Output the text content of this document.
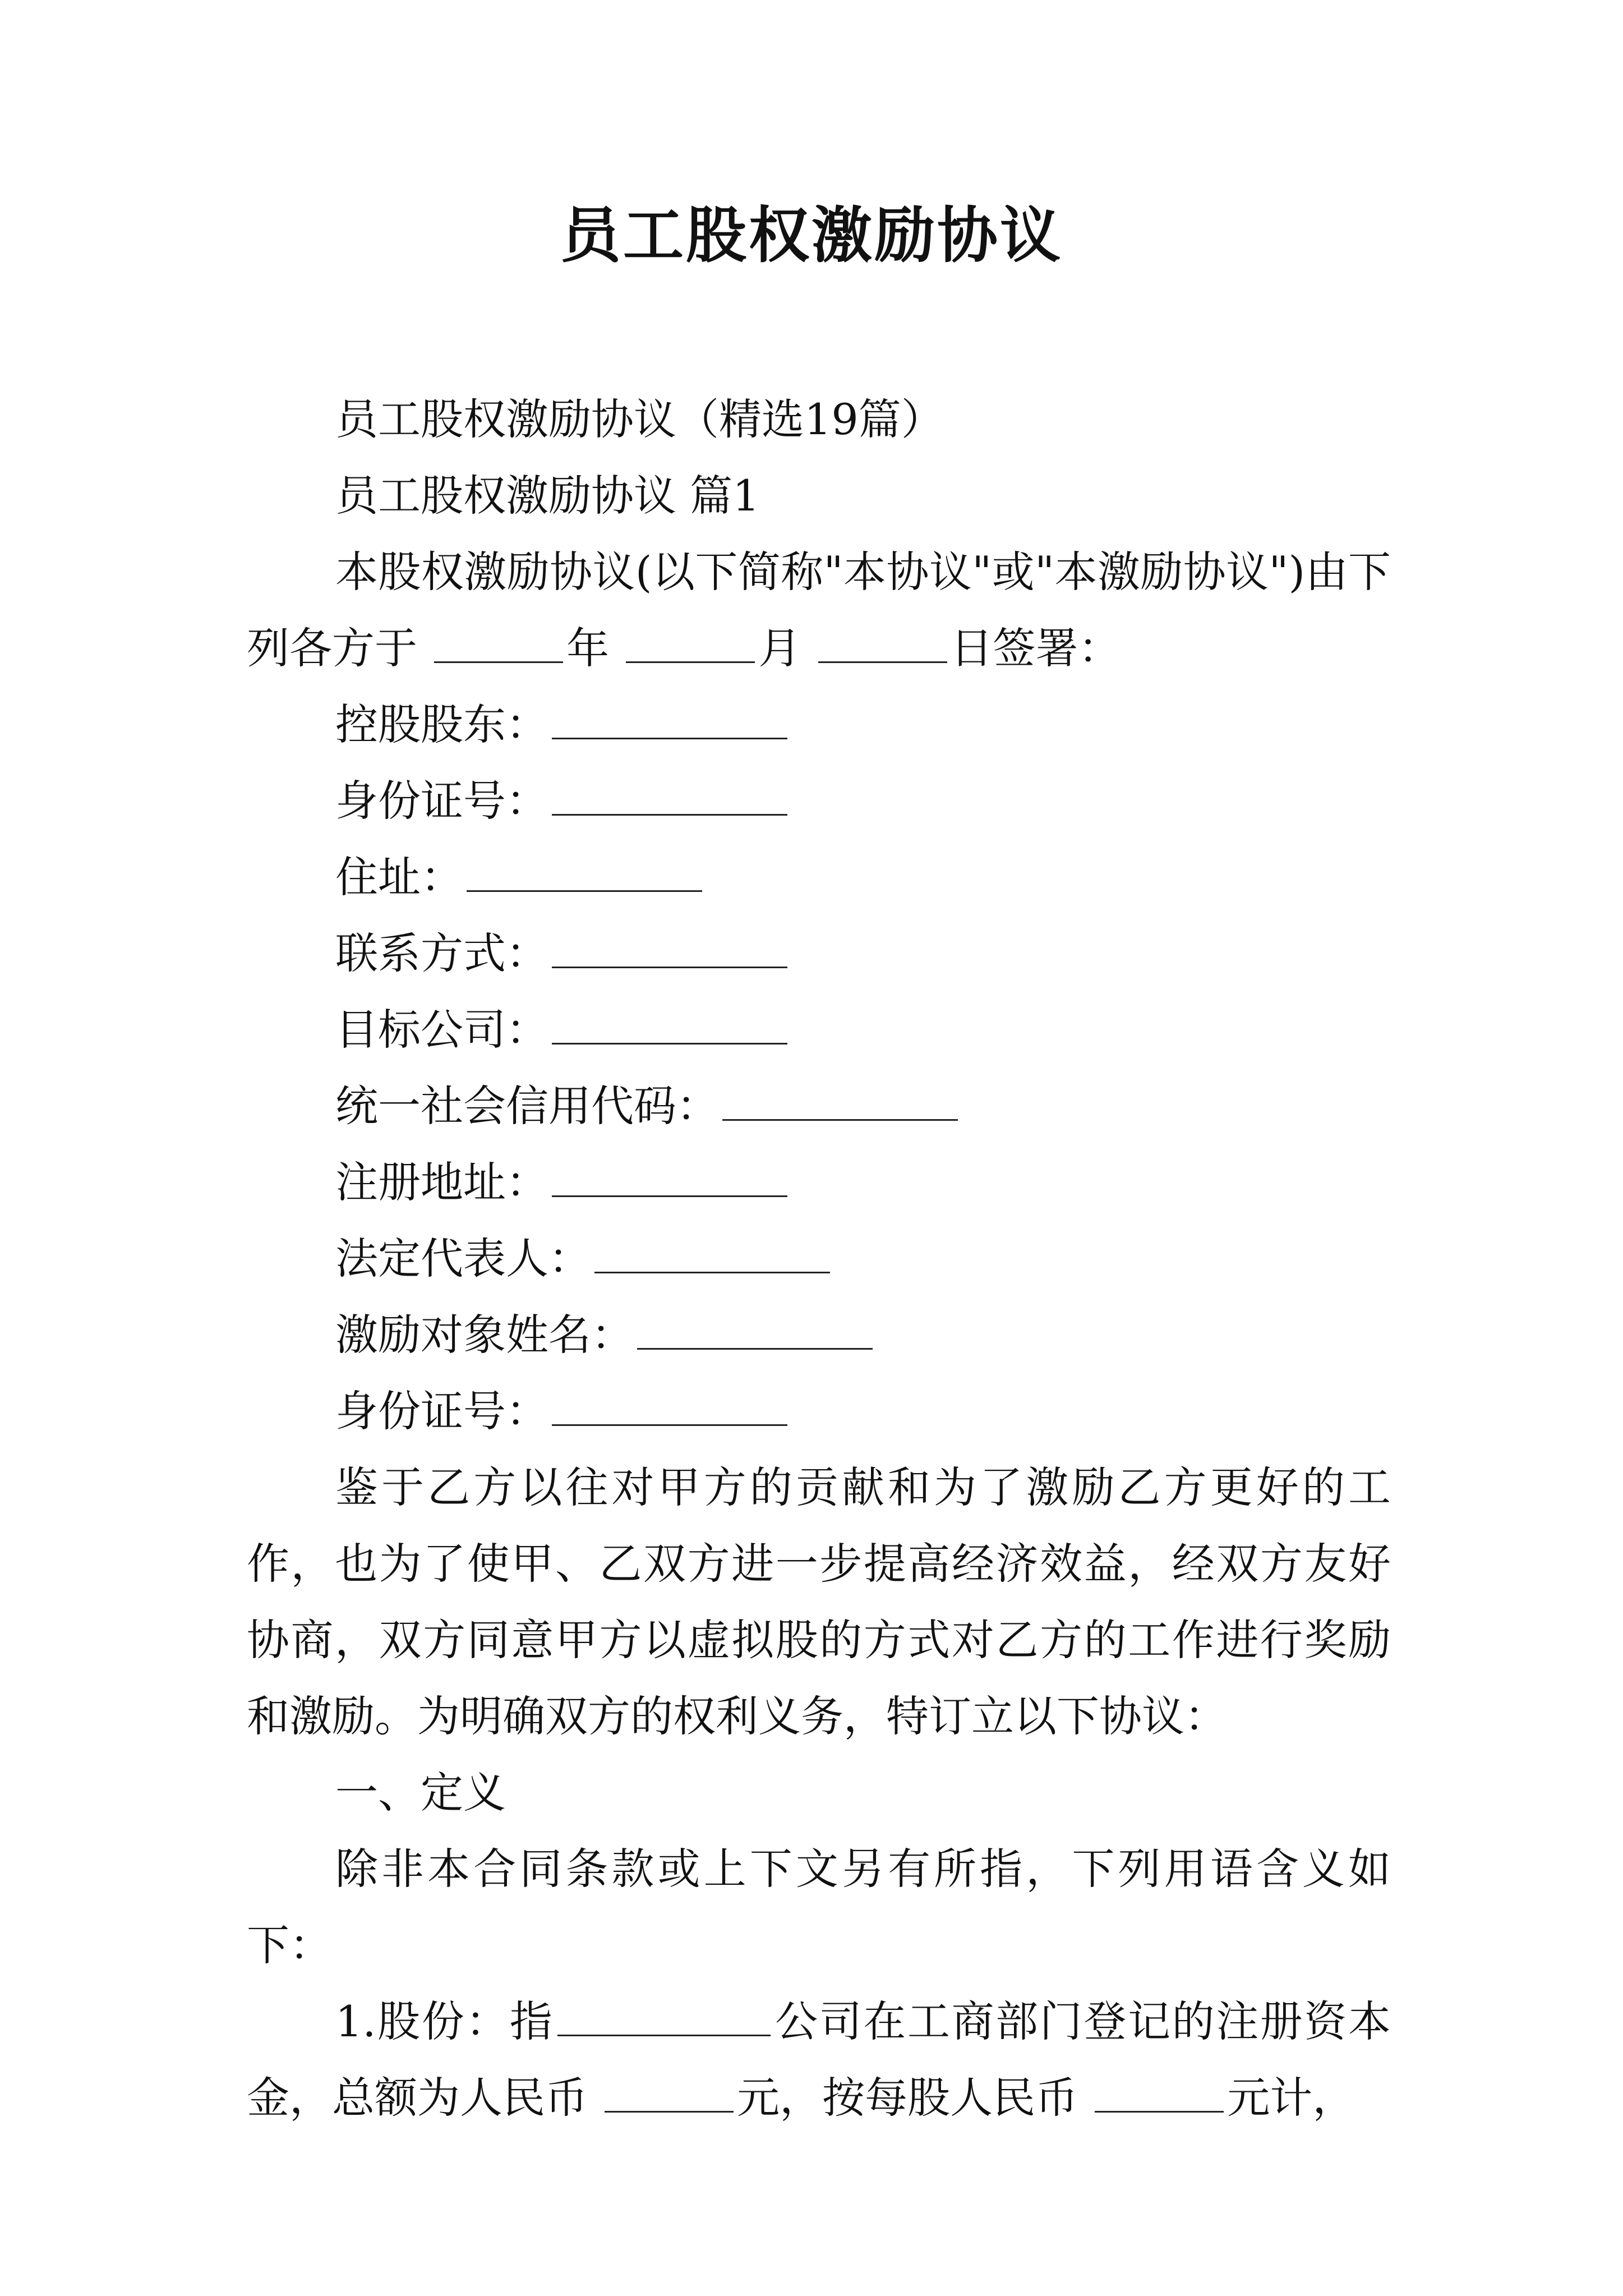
员工股权激励协议

员工股权激励协议（精选19篇）

员工股权激励协议 篇1

本股权激励协议(以下简称"本协议"或"本激励协议")由下列各方于	年	月	日签署：

控股股东：

身份证号：

住址：

联系方式：

目标公司：

统一社会信用代码：

注册地址：

法定代表人：

激励对象姓名：

身份证号：

鉴于乙方以往对甲方的贡献和为了激励乙方更好的工作，也为了使甲、乙双方进一步提高经济效益，经双方友好协商，双方同意甲方以虚拟股的方式对乙方的工作进行奖励和激励。为明确双方的权利义务，特订立以下协议：

一、定义

除非本合同条款或上下文另有所指，下列用语含义如下：

1.股份：指	公司在工商部门登记的注册资本金，总额为人民币	元，按每股人民币	元计，
